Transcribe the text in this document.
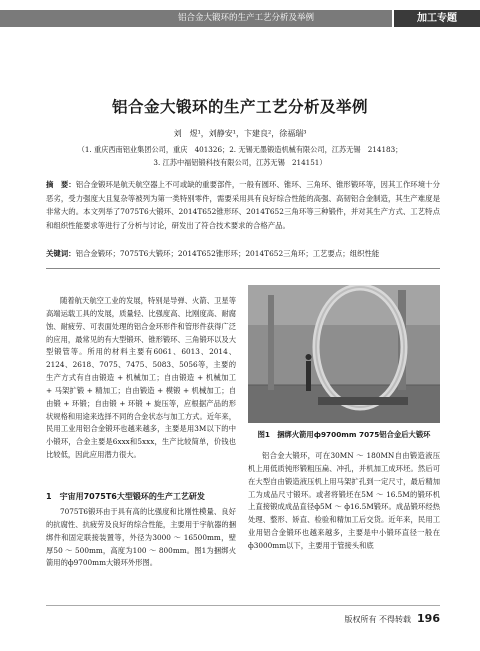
铝合金大锻环的生产工艺分析及举例	加工专题
铝合金大锻环的生产工艺分析及举例
刘　煜¹，刘静安¹，卞建良²，徐福瑞³
（1. 重庆西南铝业集团公司，重庆　401326；2. 无锡无墨锻造机械有限公司，江苏无锡　214183；
3. 江苏中福铝锻科技有限公司，江苏无锡　214151）
摘　要：铝合金锻环是航天航空器上不可或缺的重要部件，一般有圆环、锥环、三角环、锥形锻环等，因其工作环境十分恶劣，受力强度大且复杂等被列为第一类特别零件，需要采用具有良好综合性能的高强、高韧铝合金制造，其生产难度是非常大的。本文列举了7075T6大锻环、2014T652锥形环、2014T652三角环等三种锻件，并对其生产方式、工艺特点和组织性能要求等进行了分析与讨论，研发出了符合技术要求的合格产品。
关键词：铝合金锻环；7075T6大锻环；2014T652锥形环；2014T652三角环；工艺要点；组织性能

随着航天航空工业的发展，特别是导弹、火箭、卫星等高端运载工具的发展，质量轻、比强度高、比刚度高、耐腐蚀、耐疲劳、可表面处理的铝合金环形件和管形件获得广泛的应用，最常见的有大型锻环、锥形锻环、三角锻环以及大型锻管等。所用的材料主要有6061、6013、2014、2124、2618、7075、7475、5083、5056等，主要的生产方式有自由锻造 + 机械加工；自由锻造 + 机械加工 + 马架扩锻 + 精加工；自由锻造 + 模锻 + 机械加工；自由锻 + 环锻；自由锻 + 环锻 + 旋压等，应根据产品的形状规格和用途来选择不同的合金状态与加工方式。近年来，民用工业用铝合金锻环也越来越多，主要是用3M以下的中小锻环，合金主要是6xxx和5xxx，生产比较简单，价钱也比较低，因此应用潜力很大。

1　宇宙用7075T6大型锻环的生产工艺研发

7075T6锻环由于具有高的比强度和比刚性模量、良好的抗腐性、抗疲劳及良好的综合性能，主要用于宇航器的捆绑件和固定联接装置等，外径为3000 ～ 16500mm，壁厚50 ～ 500mm，高度为100 ～ 800mm。图1为捆绑火箭用的ф9700mm大锻环外形图。

图1　捆绑火箭用ф9700mm 7075铝合金后大锻环

铝合金大锻环，可在30MN ～ 180MN自由锻造液压机上用低质钝形锻粗压扁、冲孔，并机加工成环坯。然后可在大型自由锻造液压机上用马架扩孔到一定尺寸，最后精加工为成品尺寸锻环。或者将锻坯在5M ～ 16.5M的锻环机上直接锻成成品直径ф5M ～ ф16.5M锻环。成品锻环经热处理、整形、矫直、检验和精加工后交货。近年来，民用工业用铝合金锻环也越来越多，主要是中小锻环直径一般在ф3000mm以下，主要用于管接头和底

版权所有 不得转载 196
